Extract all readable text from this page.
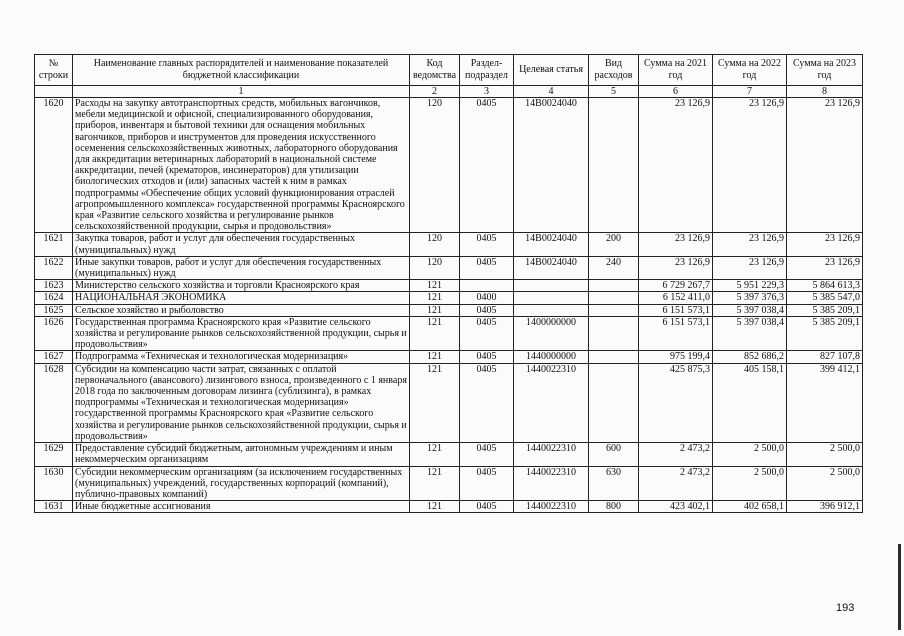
№ строки	Наименование главных распорядителей и наименование показателей бюджетной классификации	Код ведомства	Раздел-подраздел	Целевая статья	Вид расходов	Сумма на 2021 год	Сумма на 2022 год	Сумма на 2023 год
	1	2	3	4	5	6	7	8
1620	Расходы на закупку автотранспортных средств, мобильных вагончиков, мебели медицинской и офисной, специализированного оборудования, приборов, инвентаря и бытовой техники для оснащения мобильных вагончиков, приборов и инструментов для проведения искусственного осеменения сельскохозяйственных животных, лабораторного оборудования для аккредитации ветеринарных лабораторий в национальной системе аккредитации, печей (крематоров, инсинераторов) для утилизации биологических отходов и (или) запасных частей к ним в рамках подпрограммы «Обеспечение общих условий функционирования отраслей агропромышленного комплекса» государственной программы Красноярского края «Развитие сельского хозяйства и регулирование рынков сельскохозяйственной продукции, сырья и продовольствия»	120	0405	14В0024040		23 126,9	23 126,9	23 126,9
1621	Закупка товаров, работ и услуг для обеспечения государственных (муниципальных) нужд	120	0405	14В0024040	200	23 126,9	23 126,9	23 126,9
1622	Иные закупки товаров, работ и услуг для обеспечения государственных (муниципальных) нужд	120	0405	14В0024040	240	23 126,9	23 126,9	23 126,9
1623	Министерство сельского хозяйства и торговли Красноярского края	121				6 729 267,7	5 951 229,3	5 864 613,3
1624	НАЦИОНАЛЬНАЯ ЭКОНОМИКА	121	0400			6 152 411,0	5 397 376,3	5 385 547,0
1625	Сельское хозяйство и рыболовство	121	0405			6 151 573,1	5 397 038,4	5 385 209,1
1626	Государственная программа Красноярского края «Развитие сельского хозяйства и регулирование рынков сельскохозяйственной продукции, сырья и продовольствия»	121	0405	1400000000		6 151 573,1	5 397 038,4	5 385 209,1
1627	Подпрограмма «Техническая и технологическая модернизация»	121	0405	1440000000		975 199,4	852 686,2	827 107,8
1628	Субсидии на компенсацию части затрат, связанных с оплатой первоначального (авансового) лизингового взноса, произведенного с 1 января 2018 года по заключенным договорам лизинга (сублизинга), в рамках подпрограммы «Техническая и технологическая модернизация» государственной программы Красноярского края «Развитие сельского хозяйства и регулирование рынков сельскохозяйственной продукции, сырья и продовольствия»	121	0405	1440022310		425 875,3	405 158,1	399 412,1
1629	Предоставление субсидий бюджетным, автономным учреждениям и иным некоммерческим организациям	121	0405	1440022310	600	2 473,2	2 500,0	2 500,0
1630	Субсидии некоммерческим организациям (за исключением государственных (муниципальных) учреждений, государственных корпораций (компаний), публично-правовых компаний)	121	0405	1440022310	630	2 473,2	2 500,0	2 500,0
1631	Иные бюджетные ассигнования	121	0405	1440022310	800	423 402,1	402 658,1	396 912,1
193
